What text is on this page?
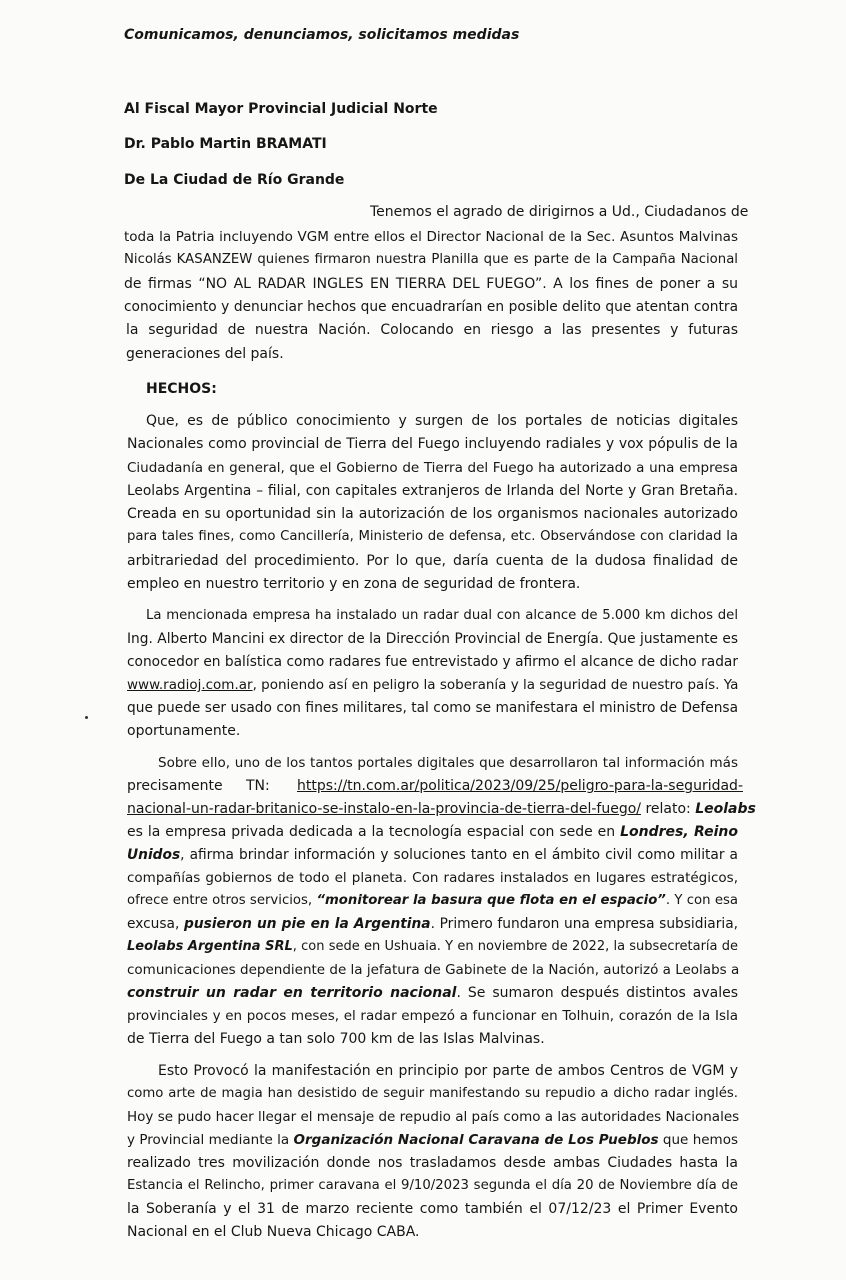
Comunicamos, denunciamos, solicitamos medidas
Al Fiscal Mayor Provincial Judicial Norte
Dr. Pablo Martin BRAMATI
De La Ciudad de Río Grande
Tenemos el agrado de dirigirnos a Ud., Ciudadanos de
toda la Patria incluyendo VGM entre ellos el Director Nacional de la Sec. Asuntos Malvinas
Nicolás KASANZEW quienes firmaron nuestra Planilla que es parte de la Campaña Nacional
de firmas “NO AL RADAR INGLES EN TIERRA DEL FUEGO”. A los fines de poner a su
conocimiento y denunciar hechos que encuadrarían en posible delito que atentan contra
la seguridad de nuestra Nación. Colocando en riesgo a las presentes y futuras
generaciones del país.
HECHOS:
Que, es de público conocimiento y surgen de los portales de noticias digitales
Nacionales como provincial de Tierra del Fuego incluyendo radiales y vox pópulis de la
Ciudadanía en general, que el Gobierno de Tierra del Fuego ha autorizado a una empresa
Leolabs Argentina – filial, con capitales extranjeros de Irlanda del Norte y Gran Bretaña.
Creada en su oportunidad sin la autorización de los organismos nacionales autorizado
para tales fines, como Cancillería, Ministerio de defensa, etc. Observándose con claridad la
arbitrariedad del procedimiento. Por lo que, daría cuenta de la dudosa finalidad de
empleo en nuestro territorio y en zona de seguridad de frontera.
La mencionada empresa ha instalado un radar dual con alcance de 5.000 km dichos del
Ing. Alberto Mancini ex director de la Dirección Provincial de Energía. Que justamente es
conocedor en balística como radares fue entrevistado y afirmo el alcance de dicho radar
www.radioj.com.ar, poniendo así en peligro la soberanía y la seguridad de nuestro país. Ya
que puede ser usado con fines militares, tal como se manifestara el ministro de Defensa
oportunamente.
Sobre ello, uno de los tantos portales digitales que desarrollaron tal información más
precisamente TN: https://tn.com.ar/politica/2023/09/25/peligro-para-la-seguridad-
nacional-un-radar-britanico-se-instalo-en-la-provincia-de-tierra-del-fuego/ relato: Leolabs
es la empresa privada dedicada a la tecnología espacial con sede en Londres, Reino
Unidos, afirma brindar información y soluciones tanto en el ámbito civil como militar a
compañías gobiernos de todo el planeta. Con radares instalados en lugares estratégicos,
ofrece entre otros servicios, “monitorear la basura que flota en el espacio”. Y con esa
excusa, pusieron un pie en la Argentina. Primero fundaron una empresa subsidiaria,
Leolabs Argentina SRL, con sede en Ushuaia. Y en noviembre de 2022, la subsecretaría de
comunicaciones dependiente de la jefatura de Gabinete de la Nación, autorizó a Leolabs a
construir un radar en territorio nacional. Se sumaron después distintos avales
provinciales y en pocos meses, el radar empezó a funcionar en Tolhuin, corazón de la Isla
de Tierra del Fuego a tan solo 700 km de las Islas Malvinas.
Esto Provocó la manifestación en principio por parte de ambos Centros de VGM y
como arte de magia han desistido de seguir manifestando su repudio a dicho radar inglés.
Hoy se pudo hacer llegar el mensaje de repudio al país como a las autoridades Nacionales
y Provincial mediante la Organización Nacional Caravana de Los Pueblos que hemos
realizado tres movilización donde nos trasladamos desde ambas Ciudades hasta la
Estancia el Relincho, primer caravana el 9/10/2023 segunda el día 20 de Noviembre día de
la Soberanía y el 31 de marzo reciente como también el 07/12/23 el Primer Evento
Nacional en el Club Nueva Chicago CABA.
